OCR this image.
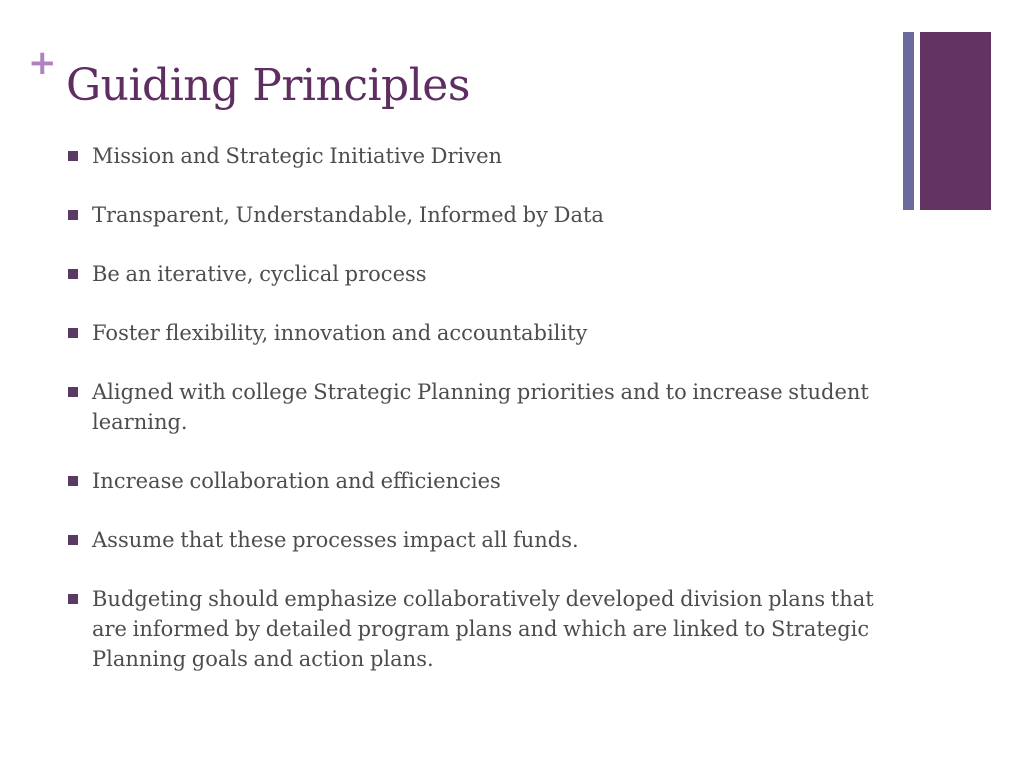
+ Guiding Principles
Mission and Strategic Initiative Driven
Transparent, Understandable, Informed by Data
Be an iterative, cyclical process
Foster flexibility, innovation and accountability
Aligned with college Strategic Planning priorities and to increase student learning.
Increase collaboration and efficiencies
Assume that these processes impact all funds.
Budgeting should emphasize collaboratively developed division plans that are informed by detailed program plans and which are linked to Strategic Planning goals and action plans.
